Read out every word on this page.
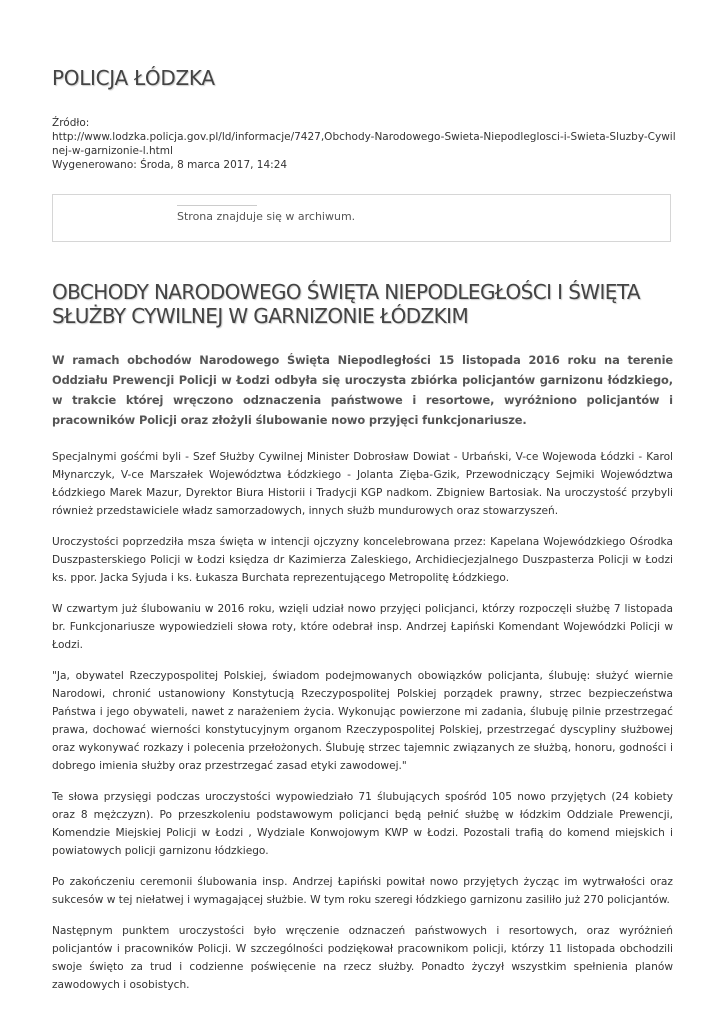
POLICJA ŁÓDZKA
Źródło:
http://www.lodzka.policja.gov.pl/ld/informacje/7427,Obchody-Narodowego-Swieta-Niepodleglosci-i-Swieta-Sluzby-Cywilnej-w-garnizonie-l.html
Wygenerowano: Środa, 8 marca 2017, 14:24
Strona znajduje się w archiwum.
OBCHODY NARODOWEGO ŚWIĘTA NIEPODLEGŁOŚCI I ŚWIĘTA SŁUŻBY CYWILNEJ W GARNIZONIE ŁÓDZKIM

W ramach obchodów Narodowego Święta Niepodległości 15 listopada 2016 roku na terenie Oddziału Prewencji Policji w Łodzi odbyła się uroczysta zbiórka policjantów garnizonu łódzkiego, w trakcie której wręczono odznaczenia państwowe i resortowe, wyróżniono policjantów i pracowników Policji oraz złożyli ślubowanie nowo przyjęci funkcjonariusze.

Specjalnymi gośćmi byli - Szef Służby Cywilnej Minister Dobrosław Dowiat - Urbański, V-ce Wojewoda Łódzki - Karol Młynarczyk, V-ce Marszałek Województwa Łódzkiego - Jolanta Zięba-Gzik, Przewodniczący Sejmiki Województwa Łódzkiego Marek Mazur, Dyrektor Biura Historii i Tradycji KGP nadkom. Zbigniew Bartosiak. Na uroczystość przybyli również przedstawiciele władz samorzadowych, innych służb mundurowych oraz stowarzyszeń.

Uroczystości poprzedziła msza święta w intencji ojczyzny koncelebrowana przez: Kapelana Wojewódzkiego Ośrodka Duszpasterskiego Policji w Łodzi księdza dr Kazimierza Zaleskiego, Archidiecjezjalnego Duszpasterza Policji w Łodzi ks. ppor. Jacka Syjuda i ks. Łukasza Burchata reprezentującego Metropolitę Łódzkiego.

W czwartym już ślubowaniu w 2016 roku, wzięli udział nowo przyjęci policjanci, którzy rozpoczęli służbę 7 listopada br. Funkcjonariusze wypowiedzieli słowa roty, które odebrał insp. Andrzej Łapiński Komendant Wojewódzki Policji w Łodzi.

"Ja, obywatel Rzeczypospolitej Polskiej, świadom podejmowanych obowiązków policjanta, ślubuję: służyć wiernie Narodowi, chronić ustanowiony Konstytucją Rzeczypospolitej Polskiej porządek prawny, strzec bezpieczeństwa Państwa i jego obywateli, nawet z narażeniem życia. Wykonując powierzone mi zadania, ślubuję pilnie przestrzegać prawa, dochować wierności konstytucyjnym organom Rzeczypospolitej Polskiej, przestrzegać dyscypliny służbowej oraz wykonywać rozkazy i polecenia przełożonych. Ślubuję strzec tajemnic związanych ze służbą, honoru, godności i dobrego imienia służby oraz przestrzegać zasad etyki zawodowej."

Te słowa przysięgi podczas uroczystości wypowiedziało 71 ślubujących spośród 105 nowo przyjętych (24 kobiety oraz 8 mężczyzn). Po przeszkoleniu podstawowym policjanci będą pełnić służbę w łódzkim Oddziale Prewencji, Komendzie Miejskiej Policji w Łodzi , Wydziale Konwojowym KWP w Łodzi. Pozostali trafią do komend miejskich i powiatowych policji garnizonu łódzkiego.

Po zakończeniu ceremonii ślubowania insp. Andrzej Łapiński powitał nowo przyjętych życząc im wytrwałości oraz sukcesów w tej niełatwej i wymagającej służbie. W tym roku szeregi łódzkiego garnizonu zasiliło już 270 policjantów.

Następnym punktem uroczystości było wręczenie odznaczeń państwowych i resortowych, oraz wyróżnień policjantów i pracowników Policji. W szczególności podziękował pracownikom policji, którzy 11 listopada obchodzili swoje święto za trud i codzienne poświęcenie na rzecz służby. Ponadto życzył wszystkim spełnienia planów zawodowych i osobistych.
